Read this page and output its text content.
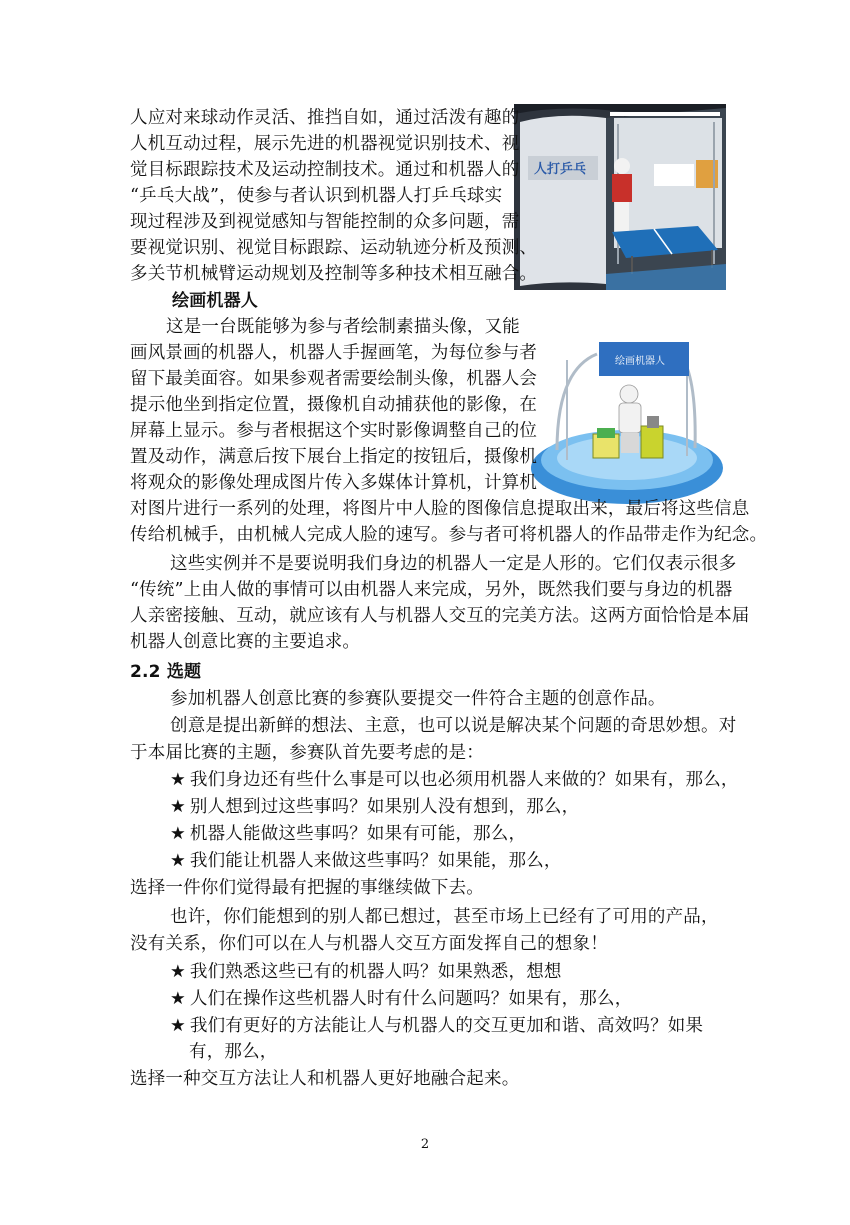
人打乒乓
绘画机器人
人应对来球动作灵活、推挡自如，通过活泼有趣的
人机互动过程，展示先进的机器视觉识别技术、视
觉目标跟踪技术及运动控制技术。通过和机器人的
“乒乓大战”，使参与者认识到机器人打乒乓球实
现过程涉及到视觉感知与智能控制的众多问题，需
要视觉识别、视觉目标跟踪、运动轨迹分析及预测、
多关节机械臂运动规划及控制等多种技术相互融合。
绘画机器人
这是一台既能够为参与者绘制素描头像，又能
画风景画的机器人，机器人手握画笔，为每位参与者
留下最美面容。如果参观者需要绘制头像，机器人会
提示他坐到指定位置，摄像机自动捕获他的影像，在
屏幕上显示。参与者根据这个实时影像调整自己的位
置及动作，满意后按下展台上指定的按钮后，摄像机
将观众的影像处理成图片传入多媒体计算机，计算机
对图片进行一系列的处理，将图片中人脸的图像信息提取出来，最后将这些信息
传给机械手，由机械人完成人脸的速写。参与者可将机器人的作品带走作为纪念。
这些实例并不是要说明我们身边的机器人一定是人形的。它们仅表示很多
“传统”上由人做的事情可以由机器人来完成，另外，既然我们要与身边的机器
人亲密接触、互动，就应该有人与机器人交互的完美方法。这两方面恰恰是本届
机器人创意比赛的主要追求。
2.2 选题
参加机器人创意比赛的参赛队要提交一件符合主题的创意作品。
创意是提出新鲜的想法、主意，也可以说是解决某个问题的奇思妙想。对
于本届比赛的主题，参赛队首先要考虑的是：
★ 我们身边还有些什么事是可以也必须用机器人来做的？如果有，那么，
★ 别人想到过这些事吗？如果别人没有想到，那么，
★ 机器人能做这些事吗？如果有可能，那么，
★ 我们能让机器人来做这些事吗？如果能，那么，
选择一件你们觉得最有把握的事继续做下去。
也许，你们能想到的别人都已想过，甚至市场上已经有了可用的产品，
没有关系，你们可以在人与机器人交互方面发挥自己的想象！
★ 我们熟悉这些已有的机器人吗？如果熟悉，想想
★ 人们在操作这些机器人时有什么问题吗？如果有，那么，
★ 我们有更好的方法能让人与机器人的交互更加和谐、高效吗？如果
有，那么，
选择一种交互方法让人和机器人更好地融合起来。
2
